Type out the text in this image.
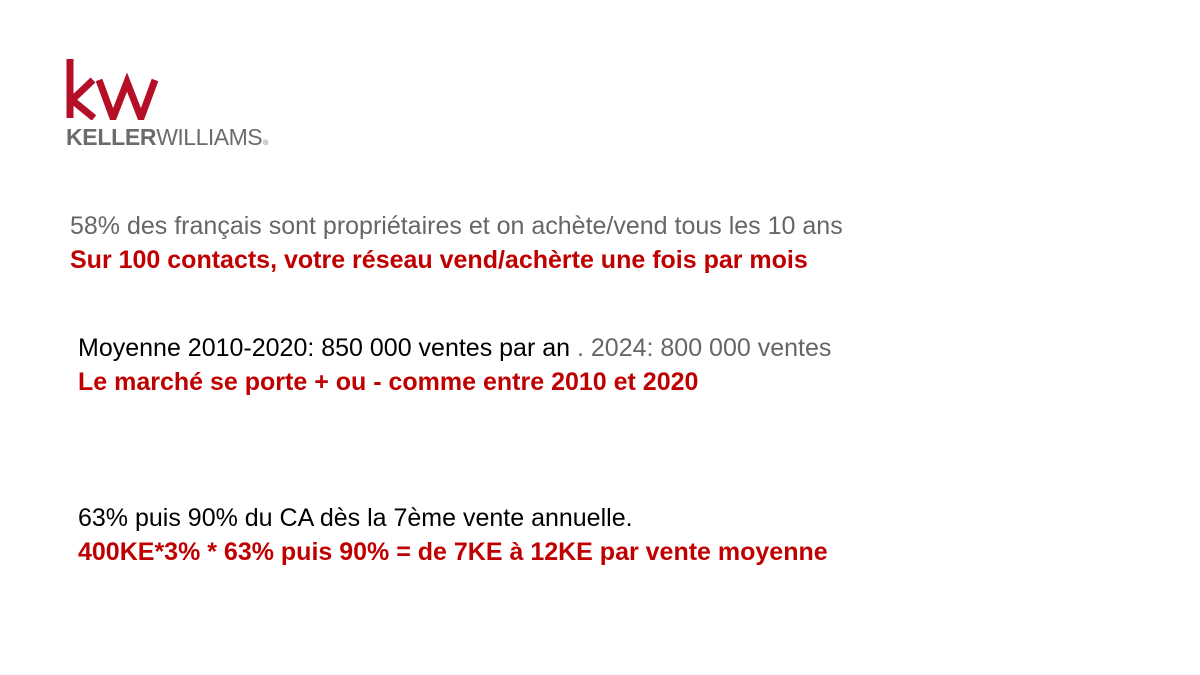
KELLERWILLIAMS®
58% des français sont propriétaires et on achète/vend tous les 10 ans
Sur 100 contacts, votre réseau vend/achèrte une fois par mois
Moyenne 2010-2020: 850 000 ventes par an . 2024: 800 000 ventes
Le marché se porte + ou - comme entre 2010 et 2020
63% puis 90% du CA dès la 7ème vente annuelle.
400KE*3% * 63% puis 90% = de 7KE à 12KE par vente moyenne
